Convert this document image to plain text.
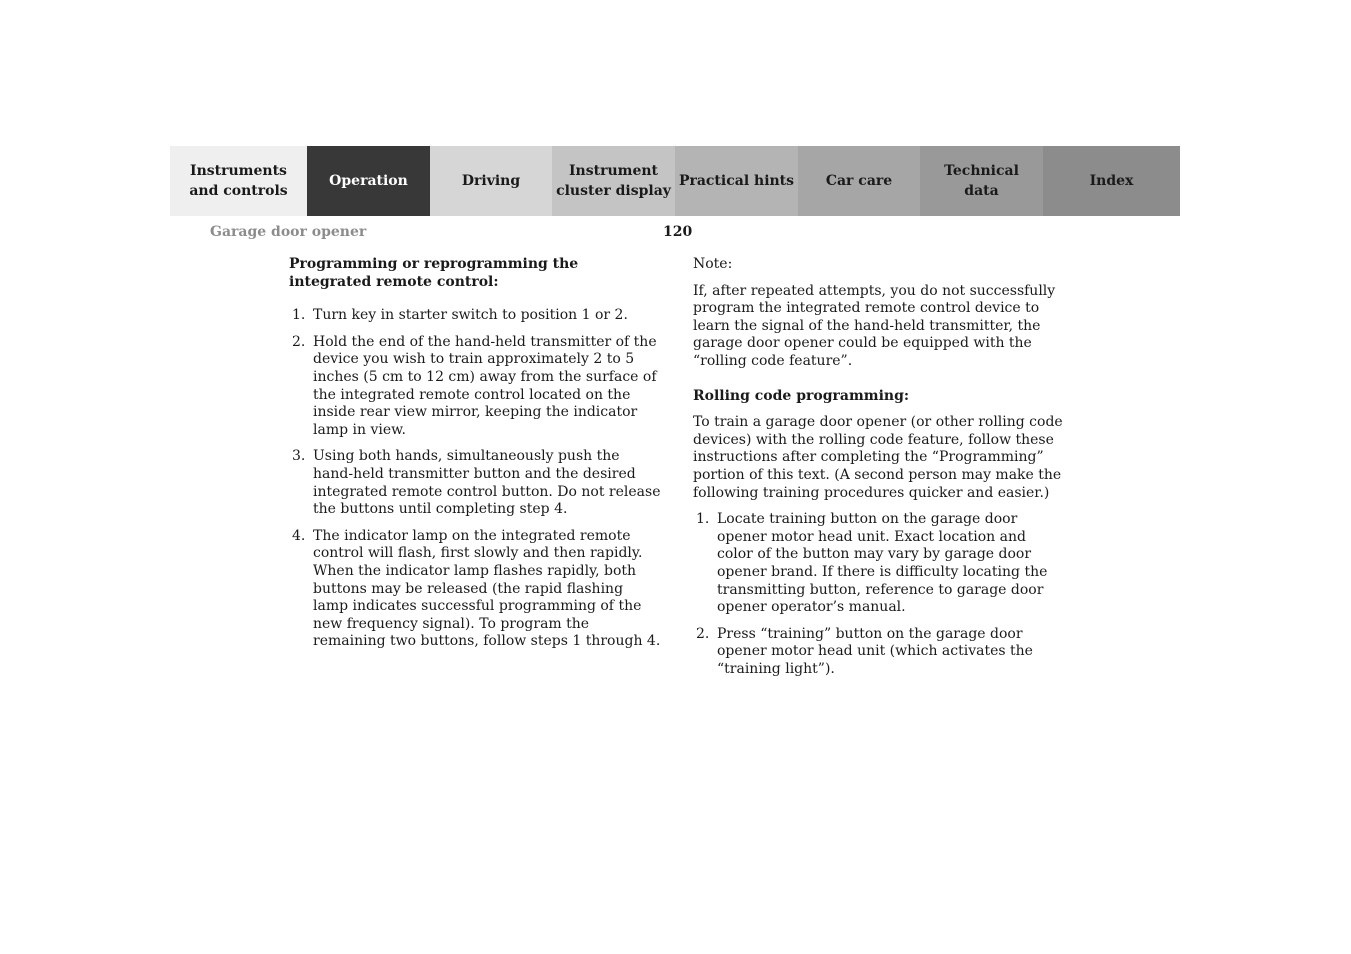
Instruments
and controls
Operation	Driving
Instrument
cluster display
Practical hints	Car care
Technical
data
Index
Garage door opener	120

Programming or reprogramming the integrated remote control:

1. Turn key in starter switch to position 1 or 2.
2. Hold the end of the hand-held transmitter of the device you wish to train approximately 2 to 5 inches (5 cm to 12 cm) away from the surface of the integrated remote control located on the inside rear view mirror, keeping the indicator lamp in view.
3. Using both hands, simultaneously push the hand-held transmitter button and the desired integrated remote control button. Do not release the buttons until completing step 4.
4. The indicator lamp on the integrated remote control will flash, first slowly and then rapidly. When the indicator lamp flashes rapidly, both buttons may be released (the rapid flashing lamp indicates successful programming of the new frequency signal). To program the remaining two buttons, follow steps 1 through 4.

Note:

If, after repeated attempts, you do not successfully program the integrated remote control device to learn the signal of the hand-held transmitter, the garage door opener could be equipped with the “rolling code feature”.

Rolling code programming:

To train a garage door opener (or other rolling code devices) with the rolling code feature, follow these instructions after completing the “Programming” portion of this text. (A second person may make the following training procedures quicker and easier.)

1. Locate training button on the garage door opener motor head unit. Exact location and color of the button may vary by garage door opener brand. If there is difficulty locating the transmitting button, reference to garage door opener operator’s manual.
2. Press “training” button on the garage door opener motor head unit (which activates the “training light”).
